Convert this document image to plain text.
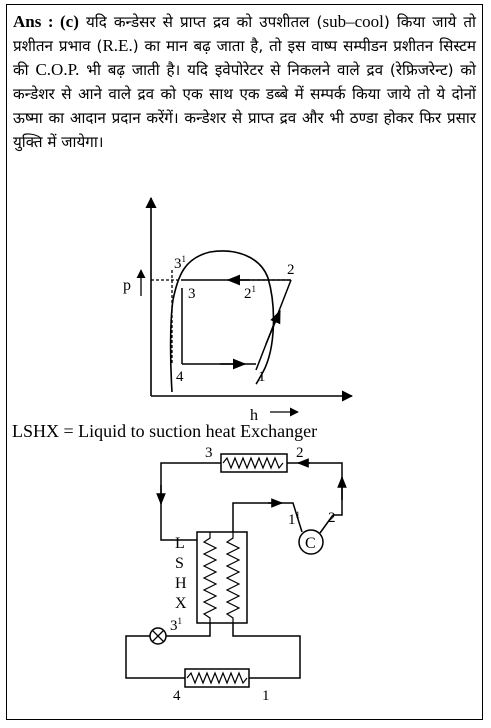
Ans : (c) यदि कन्डेसर से प्राप्त द्रव को उपशीतल (sub–cool) किया जाये तो प्रशीतन प्रभाव (R.E.) का मान बढ़ जाता है, तो इस वाष्प सम्पीडन प्रशीतन सिस्टम की C.O.P. भी बढ़ जाती है। यदि इवेपोरेटर से निकलने वाले द्रव (रेफ्रिजरेन्ट) को कन्डेशर से आने वाले द्रव को एक साथ एक डब्बे में सम्पर्क किया जाये तो ये दोनों ऊष्मा का आदान प्रदान करेंगें। कन्डेशर से प्राप्त द्रव और भी ठण्डा होकर फिर प्रसार युक्ति में जायेगा।
p
h
$3^1$
3
2
$2^1$
4	1
LSHX = Liquid to suction heat Exchanger
2
3
C
2
$1^1$
L
S
H
X
$3^1$
4	1
